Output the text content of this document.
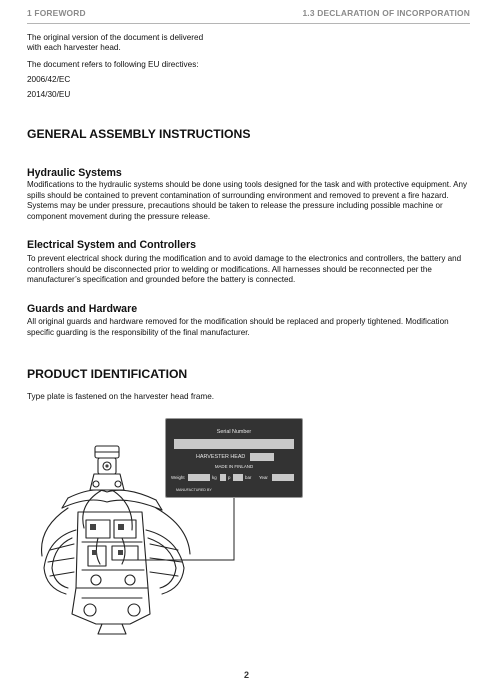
1 FOREWORD	1.3 DECLARATION OF INCORPORATION
The original version of the document is delivered
with each harvester head.
The document refers to following EU directives:
2006/42/EC
2014/30/EU
GENERAL ASSEMBLY INSTRUCTIONS
Hydraulic Systems
Modifications to the hydraulic systems should be done using tools designed for the task and with protective equipment. Any spills should be contained to prevent contamination of surrounding environment and removed to prevent a fire hazard. Systems may be under pressure, precautions should be taken to release the pressure including possible machine or component movement during the pressure release.
Electrical System and Controllers
To prevent electrical shock during the modification and to avoid damage to the electronics and controllers, the battery and controllers should be disconnected prior to welding or modifications. All harnesses should be reconnected per the manufacturer’s specification and grounded before the battery is connected.
Guards and Hardware
All original guards and hardware removed for the modification should be replaced and properly tightened. Modification specific guarding is the responsibility of the final manufacturer.
PRODUCT IDENTIFICATION
Type plate is fastened on the harvester head frame.
Serial Number
HARVESTER HEAD
MADE IN FINLAND
Weight	kg	p	bar Year
MANUFACTURED BY
2
